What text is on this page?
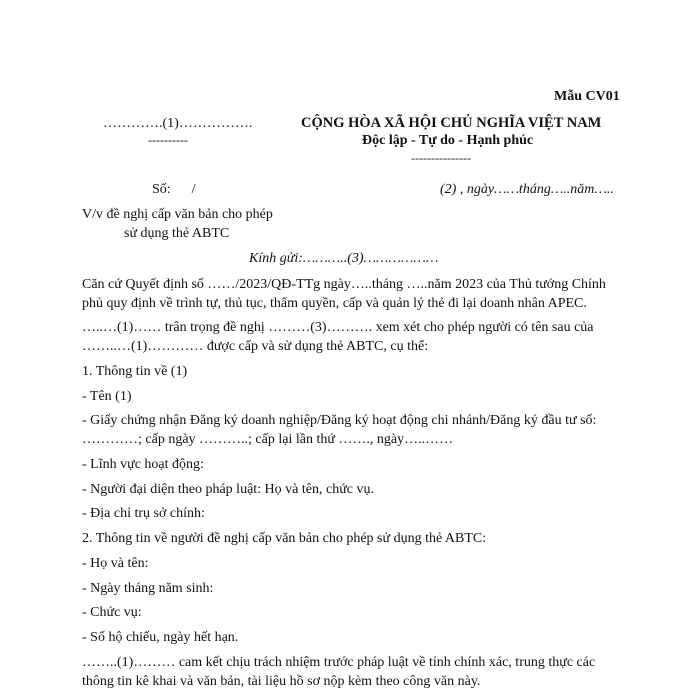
Mẫu CV01
………….(1)…………….
----------
CỘNG HÒA XÃ HỘI CHỦ NGHĨA VIỆT NAM
Độc lập - Tự do - Hạnh phúc
---------------
Số:      /	(2) , ngày……tháng…..năm…..
V/v đề nghị cấp văn bản cho phép
sử dụng thẻ ABTC
Kính gửi:………..(3)………………
Căn cứ Quyết định số ……/2023/QĐ-TTg ngày…..tháng …..năm 2023 của Thủ tướng Chính
phủ quy định về trình tự, thủ tục, thẩm quyền, cấp và quản lý thẻ đi lại doanh nhân APEC.
…..…(1)…… trân trọng đề nghị ………(3)………. xem xét cho phép người có tên sau của
……..…(1)………… được cấp và sử dụng thẻ ABTC, cụ thể:
1. Thông tin về (1)
- Tên (1)
- Giấy chứng nhận Đăng ký doanh nghiệp/Đăng ký hoạt động chi nhánh/Đăng ký đầu tư số:
…………; cấp ngày ………..; cấp lại lần thứ ……., ngày…..……
- Lĩnh vực hoạt động:
- Người đại diện theo pháp luật: Họ và tên, chức vụ.
- Địa chỉ trụ sở chính:
2. Thông tin về người đề nghị cấp văn bản cho phép sử dụng thẻ ABTC:
- Họ và tên:
- Ngày tháng năm sinh:
- Chức vụ:
- Số hộ chiếu, ngày hết hạn.
……..(1)……… cam kết chịu trách nhiệm trước pháp luật về tính chính xác, trung thực các
thông tin kê khai và văn bản, tài liệu hồ sơ nộp kèm theo công văn này.
